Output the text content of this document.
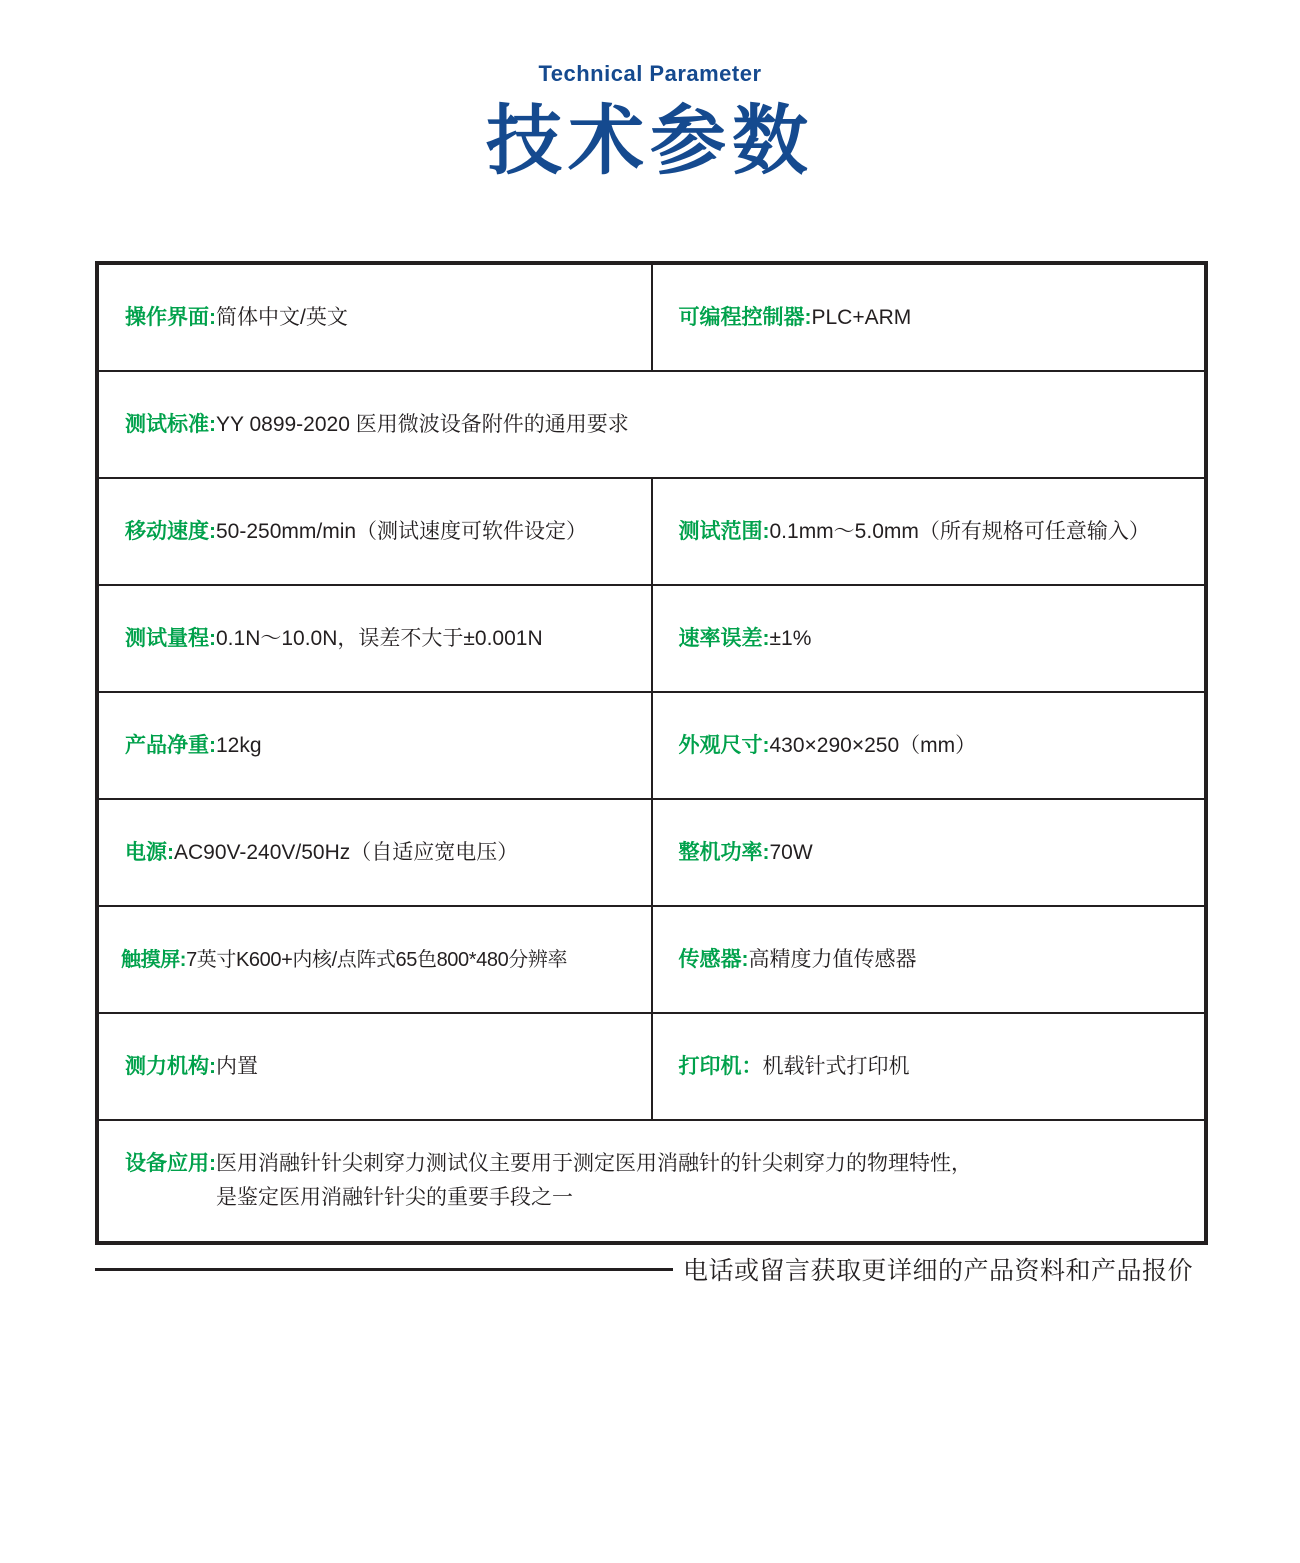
Technical Parameter
技术参数
操作界面: 简体中文/英文	可编程控制器: PLC+ARM

测试标准: YY 0899-2020 医用微波设备附件的通用要求	

移动速度: 50-250mm/min（测试速度可软件设定）	测试范围: 0.1mm～5.0mm（所有规格可任意输入）

测试量程: 0.1N～10.0N，误差不大于±0.001N	速率误差: ±1%

产品净重: 12kg	外观尺寸: 430×290×250（mm）

电源: AC90V-240V/50Hz（自适应宽电压）	整机功率: 70W

触摸屏: 7英寸K600+内核/点阵式65色800*480分辨率	传感器: 高精度力值传感器

测力机构: 内置	打印机： 机载针式打印机

设备应用: 医用消融针针尖刺穿力测试仪主要用于测定医用消融针的针尖刺穿力的物理特性，
是鉴定医用消融针针尖的重要手段之一	
电话或留言获取更详细的产品资料和产品报价
